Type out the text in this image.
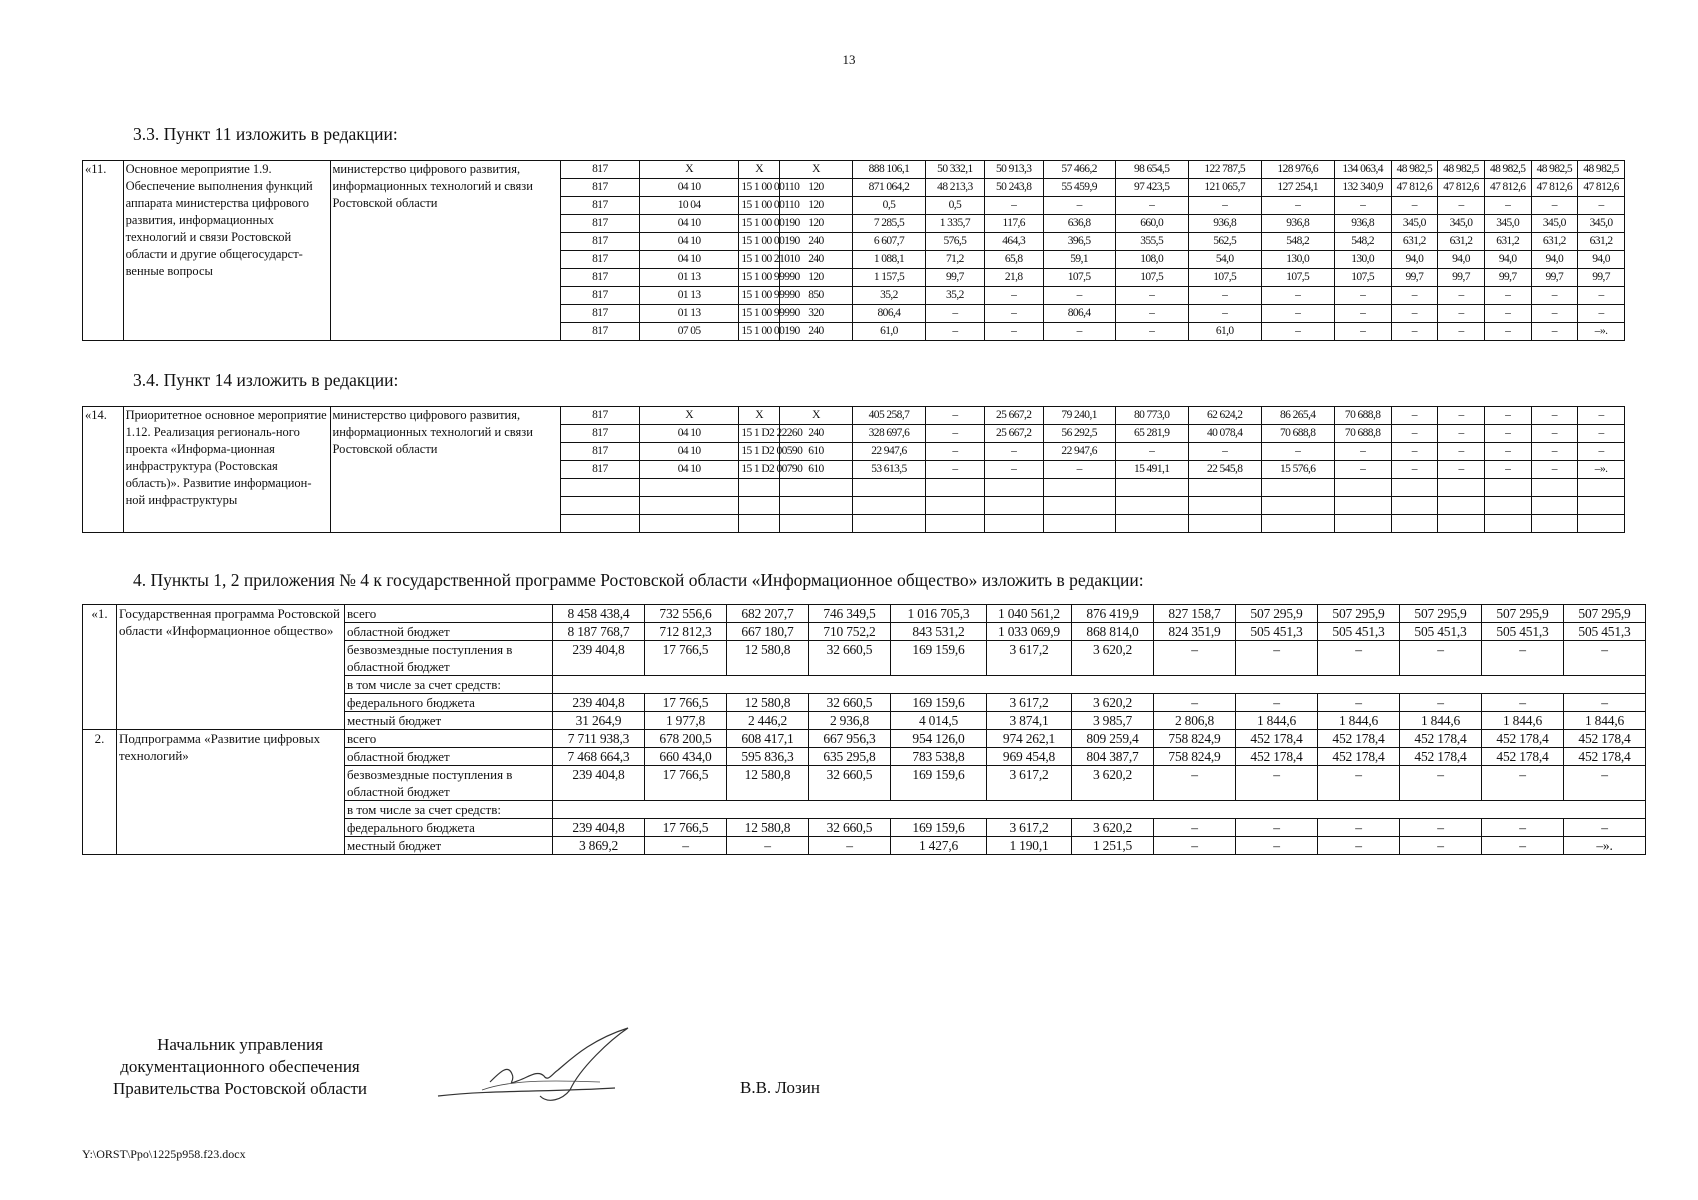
13
3.3. Пункт 11 изложить в редакции:
«11.	Основное мероприятие 1.9. Обеспечение выполнения функций аппарата министерства цифрового развития, информационных технологий и связи Ростовской области и другие общегосударст-венные вопросы	министерство цифрового развития, информационных технологий и связи Ростовской области	817	X	X	X	888 106,1	50 332,1	50 913,3	57 466,2	98 654,5	122 787,5	128 976,6	134 063,4	48 982,5	48 982,5	48 982,5	48 982,5	48 982,5
			817	04 10	15 1 00 00110	120	871 064,2	48 213,3	50 243,8	55 459,9	97 423,5	121 065,7	127 254,1	132 340,9	47 812,6	47 812,6	47 812,6	47 812,6	47 812,6
			817	10 04	15 1 00 00110	120	0,5	0,5	–	–	–	–	–	–	–	–	–	–	–
			817	04 10	15 1 00 00190	120	7 285,5	1 335,7	117,6	636,8	660,0	936,8	936,8	936,8	345,0	345,0	345,0	345,0	345,0
			817	04 10	15 1 00 00190	240	6 607,7	576,5	464,3	396,5	355,5	562,5	548,2	548,2	631,2	631,2	631,2	631,2	631,2
			817	04 10	15 1 00 21010	240	1 088,1	71,2	65,8	59,1	108,0	54,0	130,0	130,0	94,0	94,0	94,0	94,0	94,0
			817	01 13	15 1 00 99990	120	1 157,5	99,7	21,8	107,5	107,5	107,5	107,5	107,5	99,7	99,7	99,7	99,7	99,7
			817	01 13	15 1 00 99990	850	35,2	35,2	–	–	–	–	–	–	–	–	–	–	–
			817	01 13	15 1 00 99990	320	806,4	–	–	806,4	–	–	–	–	–	–	–	–	–
			817	07 05	15 1 00 00190	240	61,0	–	–	–	–	61,0	–	–	–	–	–	–	–».
3.4. Пункт 14 изложить в редакции:
«14.	Приоритетное основное мероприятие 1.12. Реализация региональ-ного проекта «Информа-ционная инфраструктура (Ростовская область)». Развитие информацион-ной инфраструктуры	министерство цифрового развития, информационных технологий и связи Ростовской области	817	X	X	X	405 258,7	–	25 667,2	79 240,1	80 773,0	62 624,2	86 265,4	70 688,8	–	–	–	–	–
			817	04 10	15 1 D2 22260	240	328 697,6	–	25 667,2	56 292,5	65 281,9	40 078,4	70 688,8	70 688,8	–	–	–	–	–
			817	04 10	15 1 D2 00590	610	22 947,6	–	–	22 947,6	–	–	–	–	–	–	–	–	–
			817	04 10	15 1 D2 00790	610	53 613,5	–	–	–	15 491,1	22 545,8	15 576,6	–	–	–	–	–	–».

4. Пункты 1, 2 приложения № 4 к государственной программе Ростовской области «Информационное общество» изложить в редакции:
«1.	Государственная программа Ростовской области «Информационное общество»	всего	8 458 438,4	732 556,6	682 207,7	746 349,5	1 016 705,3	1 040 561,2	876 419,9	827 158,7	507 295,9	507 295,9	507 295,9	507 295,9	507 295,9
		областной бюджет	8 187 768,7	712 812,3	667 180,7	710 752,2	843 531,2	1 033 069,9	868 814,0	824 351,9	505 451,3	505 451,3	505 451,3	505 451,3	505 451,3
		безвозмездные поступления в областной бюджет	239 404,8	17 766,5	12 580,8	32 660,5	169 159,6	3 617,2	3 620,2	–	–	–	–	–	–
		в том числе за счет средств:													
		федерального бюджета	239 404,8	17 766,5	12 580,8	32 660,5	169 159,6	3 617,2	3 620,2	–	–	–	–	–	–
		местный бюджет	31 264,9	1 977,8	2 446,2	2 936,8	4 014,5	3 874,1	3 985,7	2 806,8	1 844,6	1 844,6	1 844,6	1 844,6	1 844,6
2.	Подпрограмма «Развитие цифровых технологий»	всего	7 711 938,3	678 200,5	608 417,1	667 956,3	954 126,0	974 262,1	809 259,4	758 824,9	452 178,4	452 178,4	452 178,4	452 178,4	452 178,4
		областной бюджет	7 468 664,3	660 434,0	595 836,3	635 295,8	783 538,8	969 454,8	804 387,7	758 824,9	452 178,4	452 178,4	452 178,4	452 178,4	452 178,4
		безвозмездные поступления в областной бюджет	239 404,8	17 766,5	12 580,8	32 660,5	169 159,6	3 617,2	3 620,2	–	–	–	–	–	–
		в том числе за счет средств:													
		федерального бюджета	239 404,8	17 766,5	12 580,8	32 660,5	169 159,6	3 617,2	3 620,2	–	–	–	–	–	–
		местный бюджет	3 869,2	–	–	–	1 427,6	1 190,1	1 251,5	–	–	–	–	–	–».
Начальник управления
документационного обеспечения
Правительства Ростовской области	В.В. Лозин
Y:\ORST\Ppo\1225p958.f23.docx
